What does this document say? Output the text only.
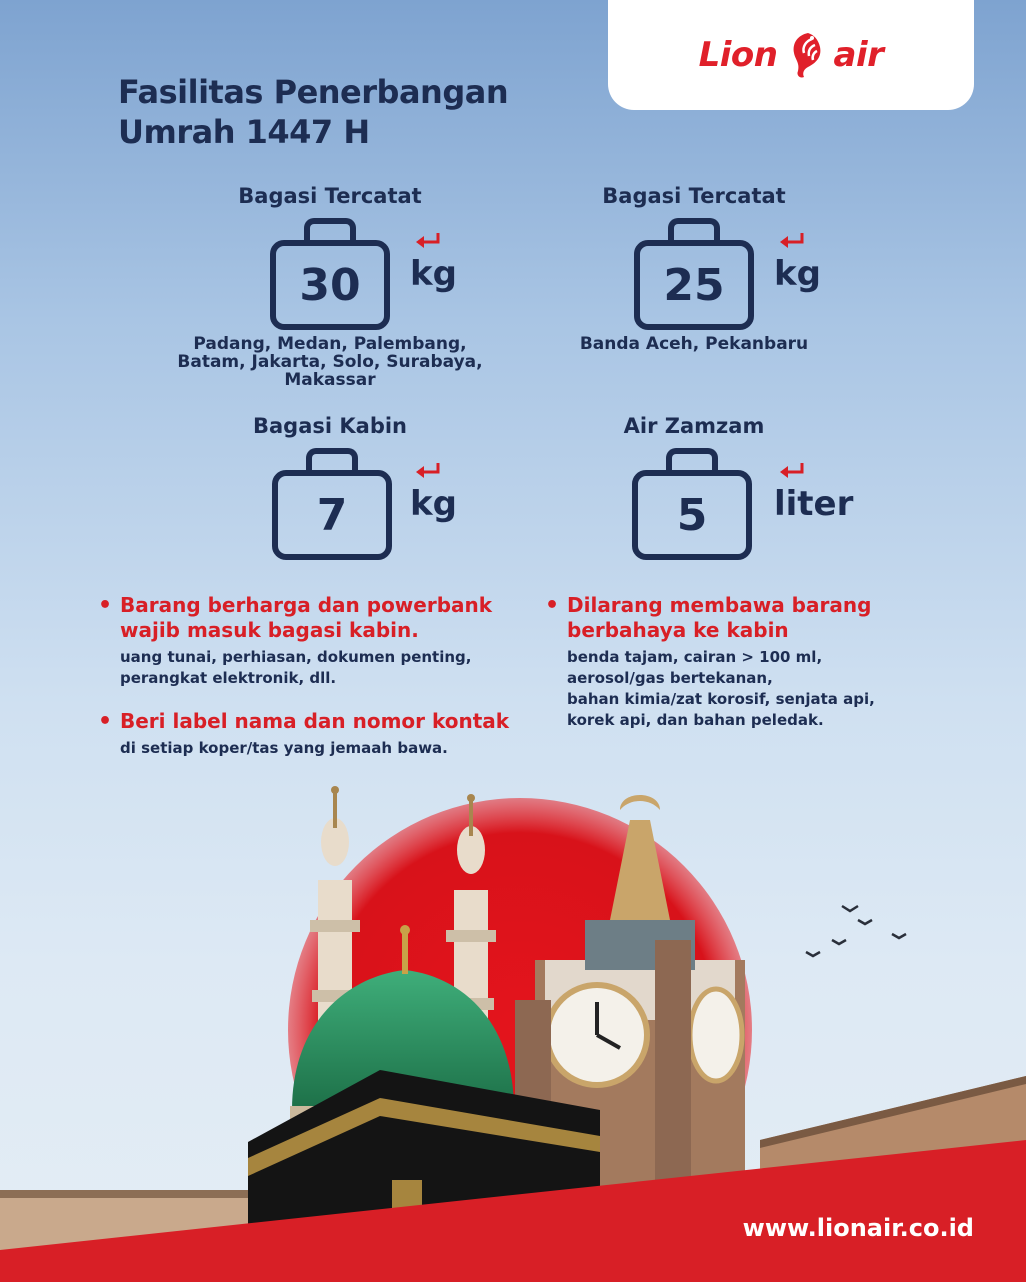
Lion air
Fasilitas Penerbangan
Umrah 1447 H
Bagasi Tercatat
30	kg
Padang, Medan, Palembang,
Batam, Jakarta, Solo, Surabaya,
Makassar
Bagasi Tercatat
25	kg
Banda Aceh, Pekanbaru
Bagasi Kabin
7	kg
Air Zamzam
5	liter
• Barang berharga dan powerbank
wajib masuk bagasi kabin.
uang tunai, perhiasan, dokumen penting,
perangkat elektronik, dll.
• Beri label nama dan nomor kontak
di setiap koper/tas yang jemaah bawa.
• Dilarang membawa barang
berbahaya ke kabin
benda tajam, cairan > 100 ml,
aerosol/gas bertekanan,
bahan kimia/zat korosif, senjata api,
korek api, dan bahan peledak.
www.lionair.co.id
